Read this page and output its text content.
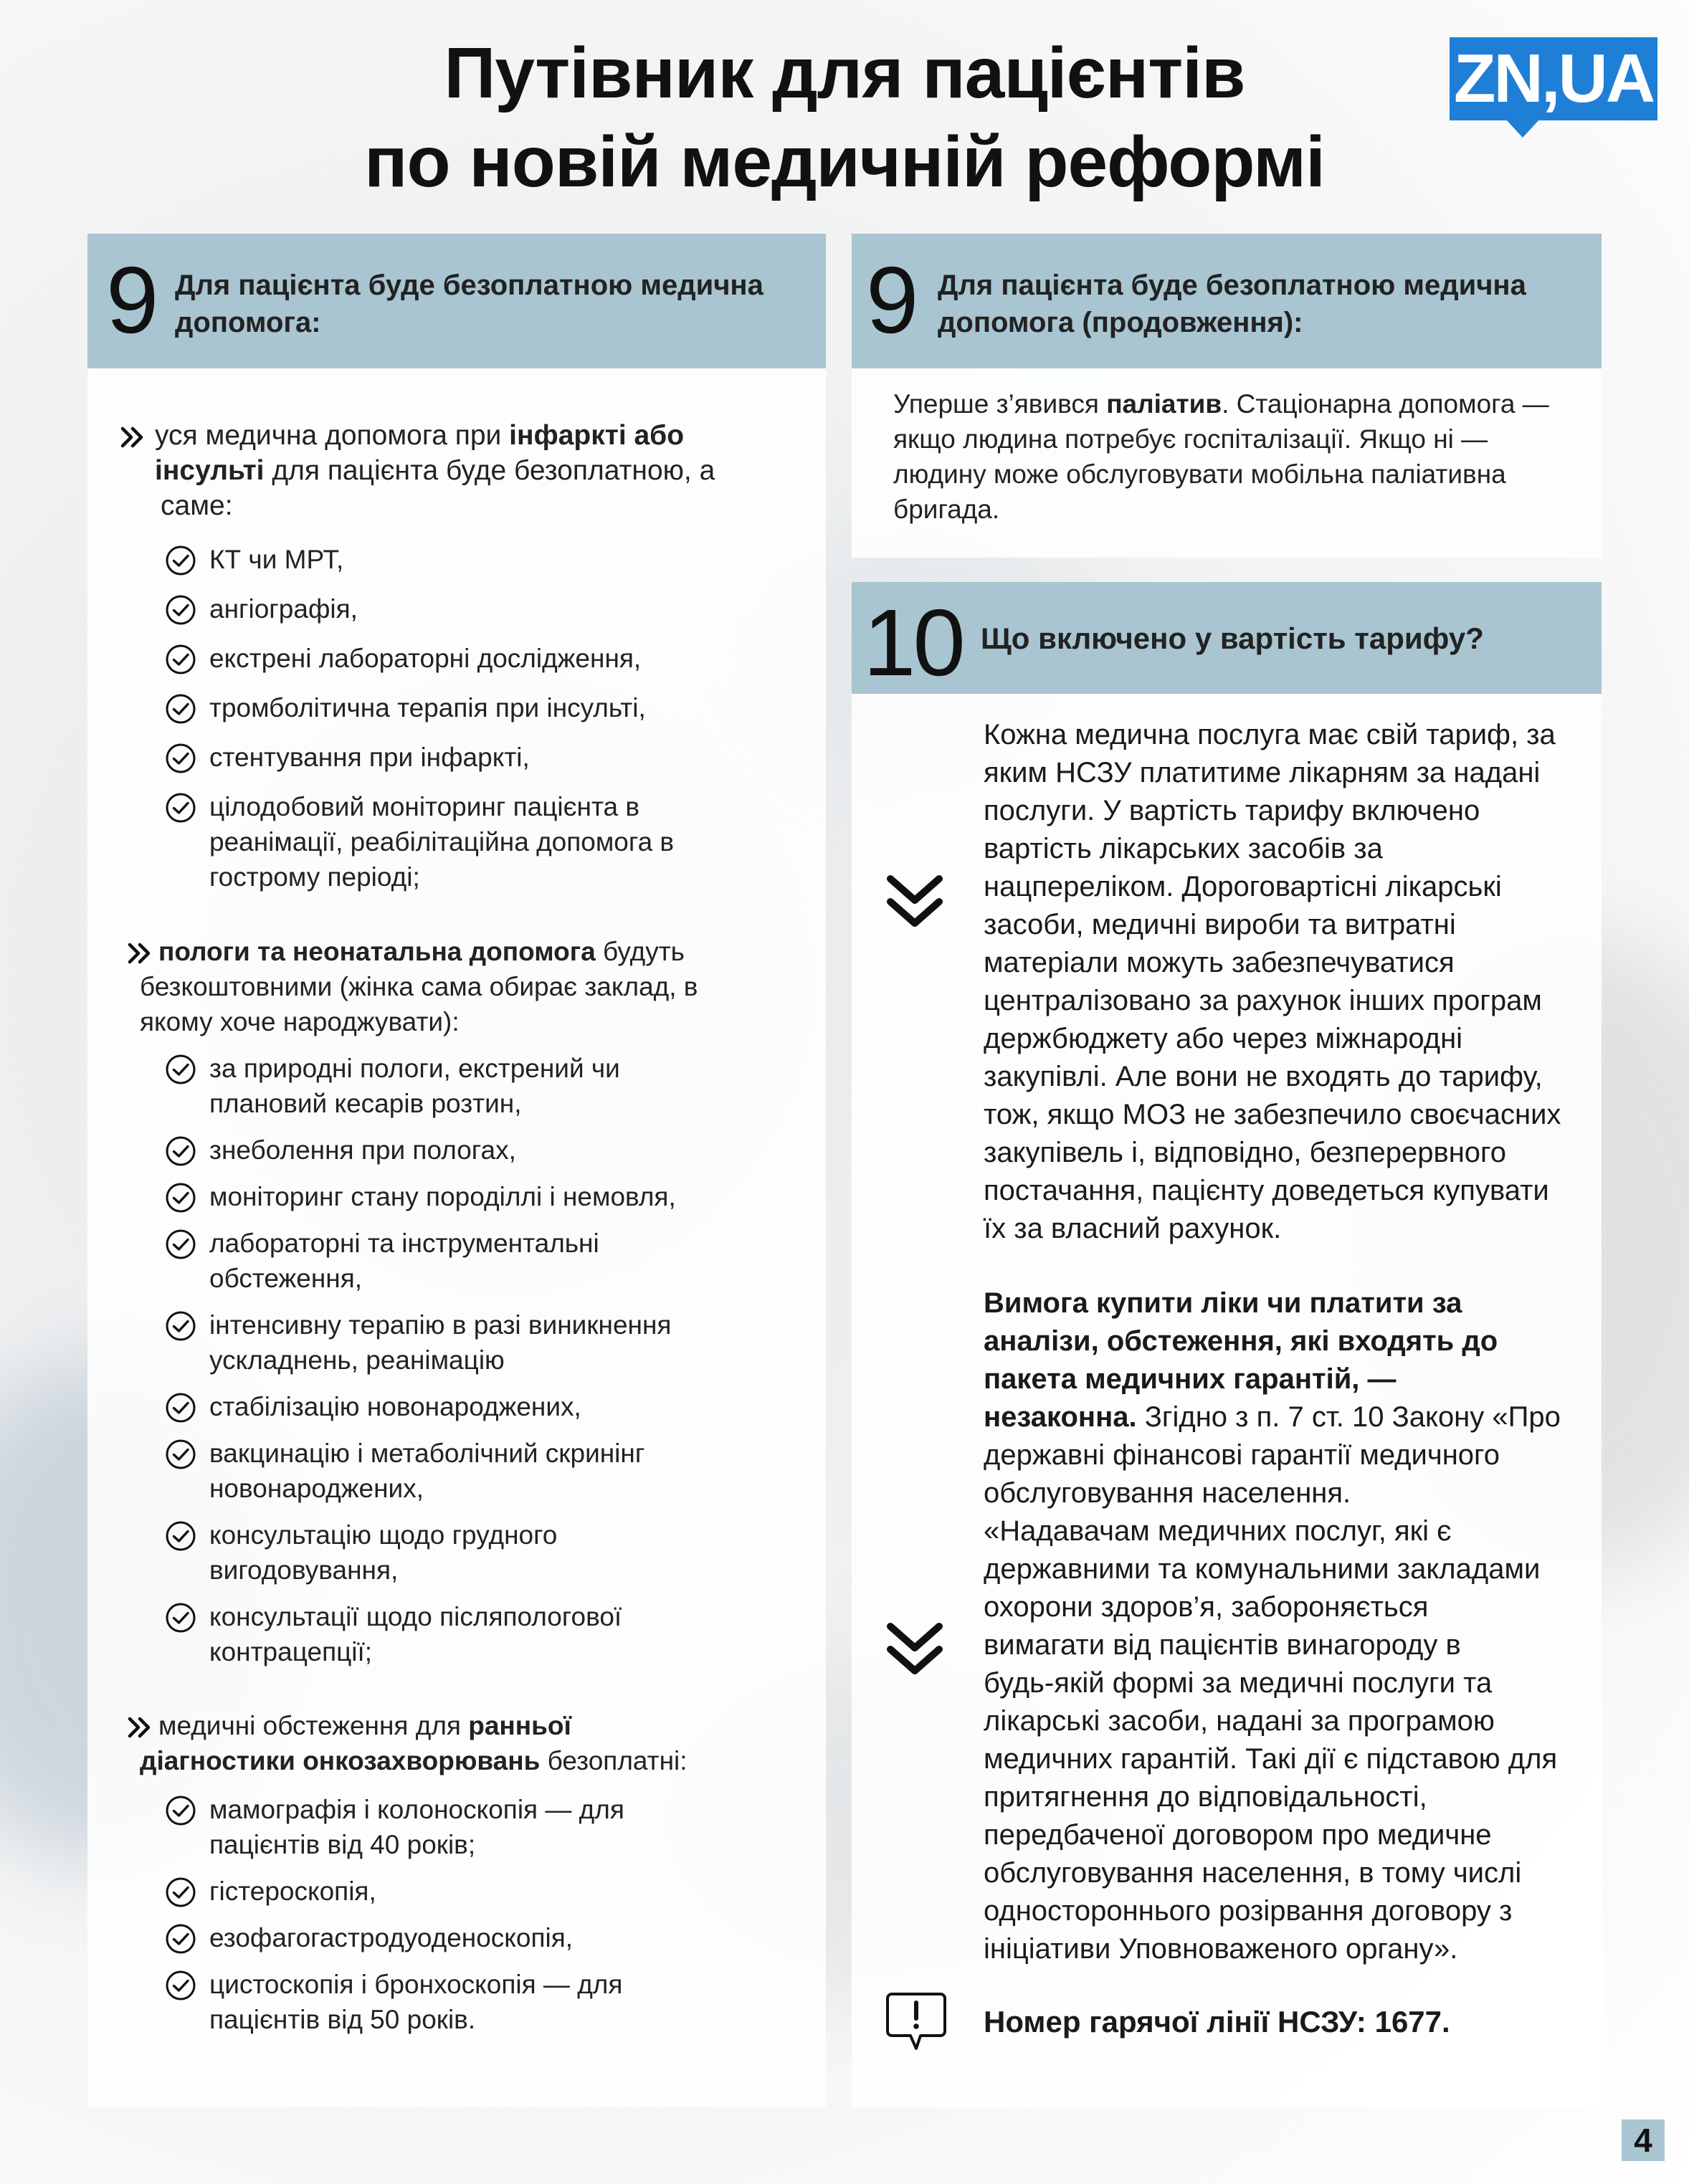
Путівник для пацієнтів
по новій медичній реформі
ZN,UA
9 Для пацієнта буде безоплатною медична
допомога:
уся медична допомога при інфаркті або
інсульті для пацієнта буде безоплатною, а
саме:
КТ чи МРТ,
ангіографія,
екстрені лабораторні дослідження,
тромболітична терапія при інсульті,
стентування при інфаркті,
цілодобовий моніторинг пацієнта в
реанімації, реабілітаційна допомога в
гострому періоді;
пологи та неонатальна допомога будуть
безкоштовними (жінка сама обирає заклад, в
якому хоче народжувати):
за природні пологи, екстрений чи
плановий кесарів розтин,
знеболення при пологах,
моніторинг стану породіллі і немовля,
лабораторні та інструментальні
обстеження,
інтенсивну терапію в разі виникнення
ускладнень, реанімацію
стабілізацію новонароджених,
вакцинацію і метаболічний скринінг
новонароджених,
консультацію щодо грудного
вигодовування,
консультації щодо післяпологової
контрацепції;
медичні обстеження для ранньої
діагностики онкозахворювань безоплатні:
мамографія і колоноскопія — для
пацієнтів від 40 років;
гістероскопія,
езофагогастродуоденоскопія,
цистоскопія і бронхоскопія — для
пацієнтів від 50 років.
9 Для пацієнта буде безоплатною медична
допомога (продовження):
Уперше з’явився паліатив. Стаціонарна допомога —
якщо людина потребує госпіталізації. Якщо ні —
людину може обслуговувати мобільна паліативна
бригада.
10 Що включено у вартість тарифу?
Кожна медична послуга має свій тариф, за
яким НСЗУ платитиме лікарням за надані
послуги. У вартість тарифу включено
вартість лікарських засобів за
нацпереліком. Дороговартісні лікарські
засоби, медичні вироби та витратні
матеріали можуть забезпечуватися
централізовано за рахунок інших програм
держбюджету або через міжнародні
закупівлі. Але вони не входять до тарифу,
тож, якщо МОЗ не забезпечило своєчасних
закупівель і, відповідно, безперервного
постачання, пацієнту доведеться купувати
їх за власний рахунок.
Вимога купити ліки чи платити за
аналізи, обстеження, які входять до
пакета медичних гарантій, —
незаконна. Згідно з п. 7 ст. 10 Закону «Про
державні фінансові гарантії медичного
обслуговування населення.
«Надавачам медичних послуг, які є
державними та комунальними закладами
охорони здоров’я, забороняється
вимагати від пацієнтів винагороду в
будь-якій формі за медичні послуги та
лікарські засоби, надані за програмою
медичних гарантій. Такі дії є підставою для
притягнення до відповідальності,
передбаченої договором про медичне
обслуговування населення, в тому числі
одностороннього розірвання договору з
ініціативи Уповноваженого органу».
Номер гарячої лінії НСЗУ: 1677.
4
